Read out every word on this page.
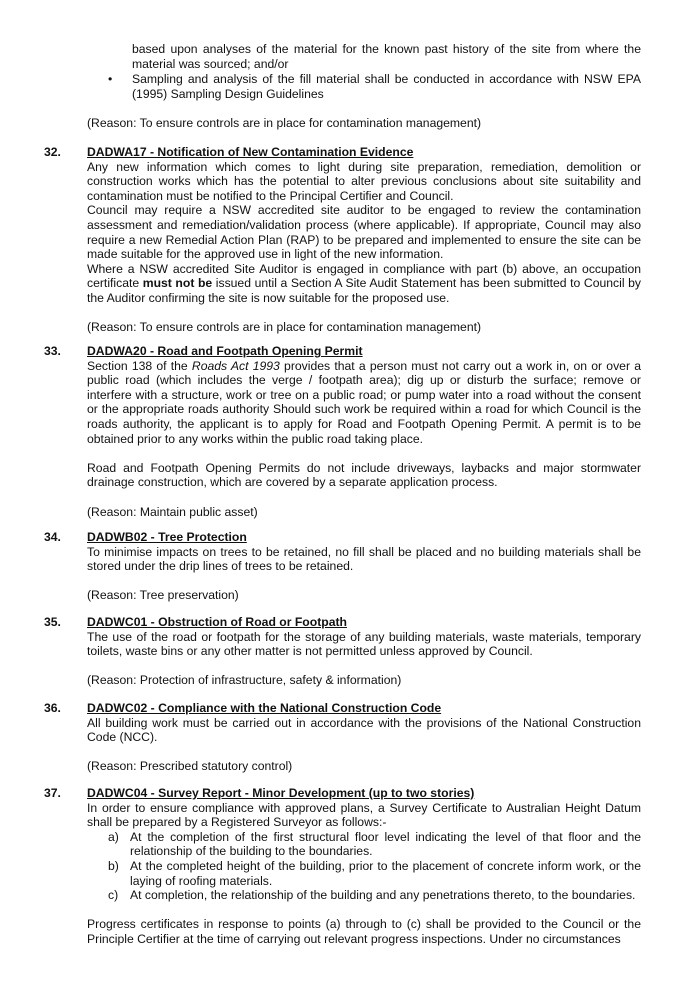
based upon analyses of the material for the known past history of the site from where the material was sourced; and/or

• Sampling and analysis of the fill material shall be conducted in accordance with NSW EPA (1995) Sampling Design Guidelines

(Reason: To ensure controls are in place for contamination management)

32. DADWA17 - Notification of New Contamination Evidence

Any new information which comes to light during site preparation, remediation, demolition or construction works which has the potential to alter previous conclusions about site suitability and contamination must be notified to the Principal Certifier and Council.

Council may require a NSW accredited site auditor to be engaged to review the contamination assessment and remediation/validation process (where applicable). If appropriate, Council may also require a new Remedial Action Plan (RAP) to be prepared and implemented to ensure the site can be made suitable for the approved use in light of the new information.

Where a NSW accredited Site Auditor is engaged in compliance with part (b) above, an occupation certificate must not be issued until a Section A Site Audit Statement has been submitted to Council by the Auditor confirming the site is now suitable for the proposed use.

(Reason: To ensure controls are in place for contamination management)

33. DADWA20 - Road and Footpath Opening Permit

Section 138 of the Roads Act 1993 provides that a person must not carry out a work in, on or over a public road (which includes the verge / footpath area); dig up or disturb the surface; remove or interfere with a structure, work or tree on a public road; or pump water into a road without the consent or the appropriate roads authority Should such work be required within a road for which Council is the roads authority, the applicant is to apply for Road and Footpath Opening Permit. A permit is to be obtained prior to any works within the public road taking place.

Road and Footpath Opening Permits do not include driveways, laybacks and major stormwater drainage construction, which are covered by a separate application process.

(Reason: Maintain public asset)

34. DADWB02 - Tree Protection

To minimise impacts on trees to be retained, no fill shall be placed and no building materials shall be stored under the drip lines of trees to be retained.

(Reason: Tree preservation)

35. DADWC01 - Obstruction of Road or Footpath

The use of the road or footpath for the storage of any building materials, waste materials, temporary toilets, waste bins or any other matter is not permitted unless approved by Council.

(Reason: Protection of infrastructure, safety & information)

36. DADWC02 - Compliance with the National Construction Code

All building work must be carried out in accordance with the provisions of the National Construction Code (NCC).

(Reason: Prescribed statutory control)

37. DADWC04 - Survey Report - Minor Development (up to two stories)

In order to ensure compliance with approved plans, a Survey Certificate to Australian Height Datum shall be prepared by a Registered Surveyor as follows:-

a) At the completion of the first structural floor level indicating the level of that floor and the relationship of the building to the boundaries.
b) At the completed height of the building, prior to the placement of concrete inform work, or the laying of roofing materials.
c) At completion, the relationship of the building and any penetrations thereto, to the boundaries.

Progress certificates in response to points (a) through to (c) shall be provided to the Council or the Principle Certifier at the time of carrying out relevant progress inspections. Under no circumstances
